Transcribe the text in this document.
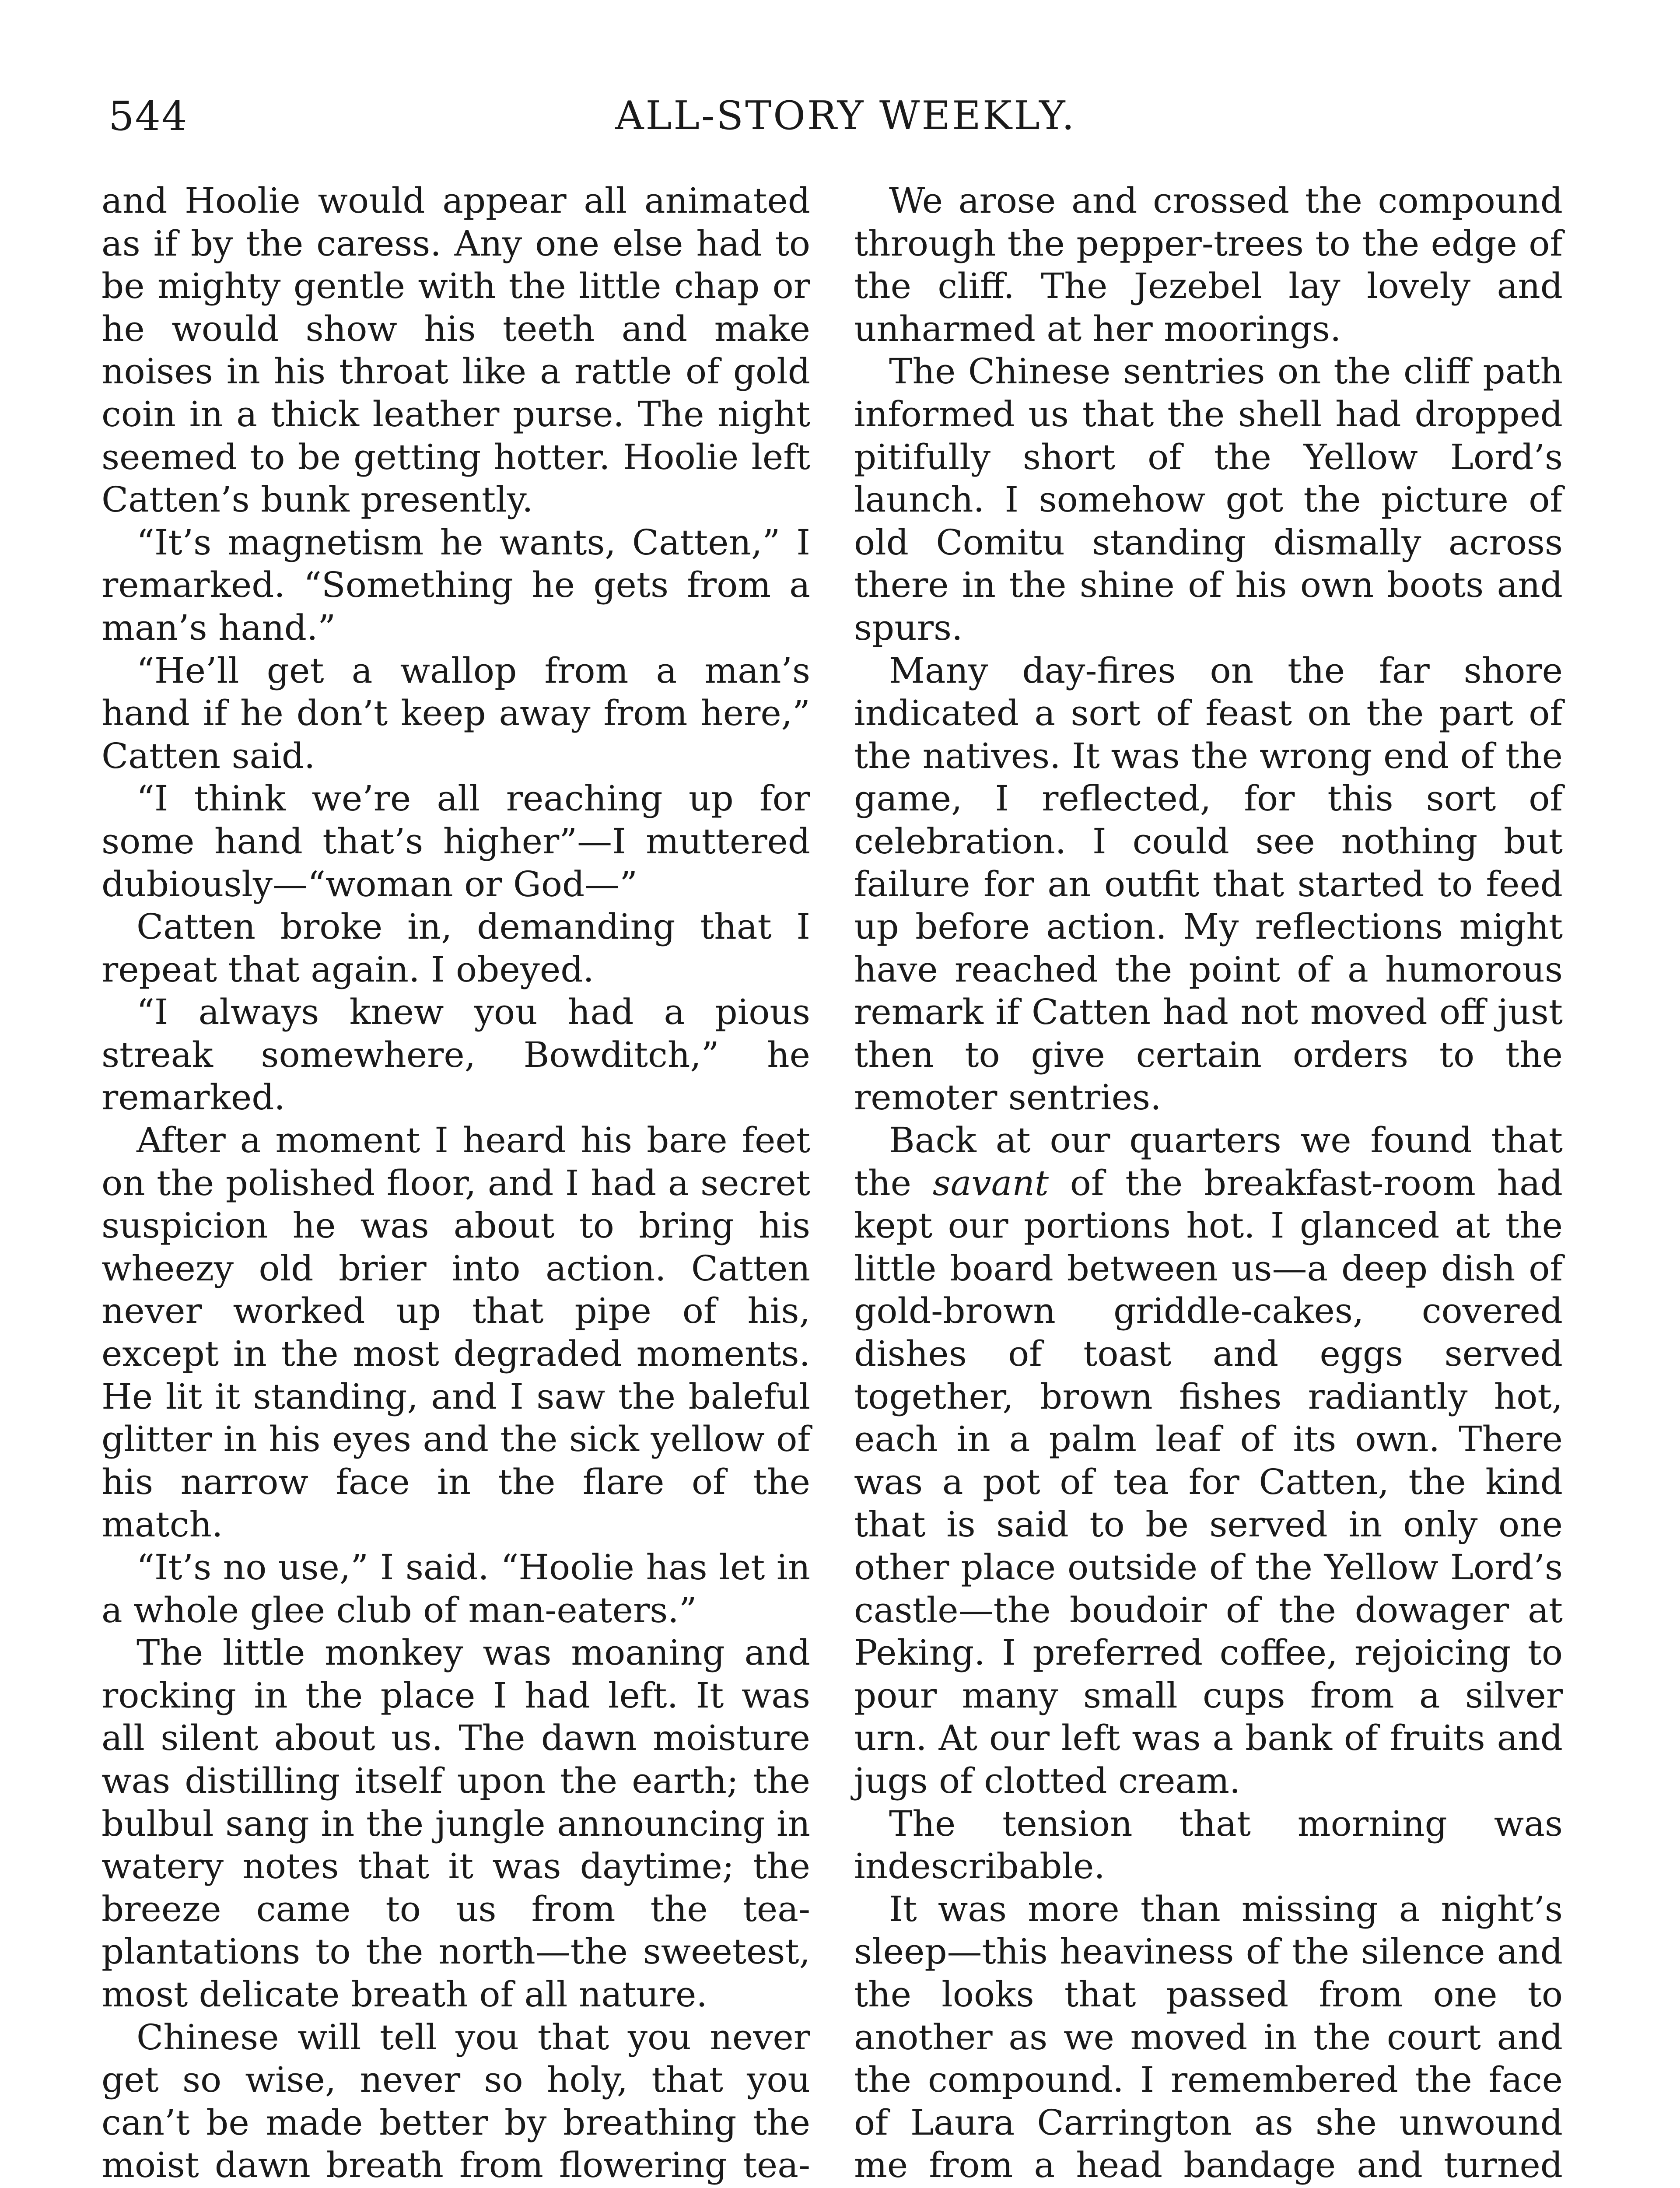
544	ALL-STORY WEEKLY.

and Hoolie would appear all animated as if by the caress. Any one else had to be mighty gentle with the little chap or he would show his teeth and make noises in his throat like a rattle of gold coin in a thick leather purse. The night seemed to be getting hotter. Hoolie left Catten’s bunk presently.

“It’s magnetism he wants, Catten,” I remarked. “Something he gets from a man’s hand.”

“He’ll get a wallop from a man’s hand if he don’t keep away from here,” Catten said.

“I think we’re all reaching up for some hand that’s higher”—I muttered dubiously—“woman or God—”

Catten broke in, demanding that I repeat that again. I obeyed.

“I always knew you had a pious streak somewhere, Bowditch,” he remarked.

After a moment I heard his bare feet on the polished floor, and I had a secret suspicion he was about to bring his wheezy old brier into action. Catten never worked up that pipe of his, except in the most degraded moments. He lit it standing, and I saw the baleful glitter in his eyes and the sick yellow of his narrow face in the flare of the match.

“It’s no use,” I said. “Hoolie has let in a whole glee club of man-eaters.”

The little monkey was moaning and rocking in the place I had left. It was all silent about us. The dawn moisture was distilling itself upon the earth; the bulbul sang in the jungle announcing in watery notes that it was daytime; the breeze came to us from the tea-plantations to the north—the sweetest, most delicate breath of all nature.

Chinese will tell you that you never get so wise, never so holy, that you can’t be made better by breathing the moist dawn breath from flowering tea-

We arose and crossed the compound through the pepper-trees to the edge of the cliff. The Jezebel lay lovely and unharmed at her moorings.

The Chinese sentries on the cliff path informed us that the shell had dropped pitifully short of the Yellow Lord’s launch. I somehow got the picture of old Comitu standing dismally across there in the shine of his own boots and spurs.

Many day-fires on the far shore indicated a sort of feast on the part of the natives. It was the wrong end of the game, I reflected, for this sort of celebration. I could see nothing but failure for an outfit that started to feed up before action. My reflections might have reached the point of a humorous remark if Catten had not moved off just then to give certain orders to the remoter sentries.

Back at our quarters we found that the savant of the breakfast-room had kept our portions hot. I glanced at the little board between us—a deep dish of gold-brown griddle-cakes, covered dishes of toast and eggs served together, brown fishes radiantly hot, each in a palm leaf of its own. There was a pot of tea for Catten, the kind that is said to be served in only one other place outside of the Yellow Lord’s castle—the boudoir of the dowager at Peking. I preferred coffee, rejoicing to pour many small cups from a silver urn. At our left was a bank of fruits and jugs of clotted cream.

The tension that morning was indescribable.

It was more than missing a night’s sleep—this heaviness of the silence and the looks that passed from one to another as we moved in the court and the compound. I remembered the face of Laura Carrington as she unwound me from a head bandage and turned
